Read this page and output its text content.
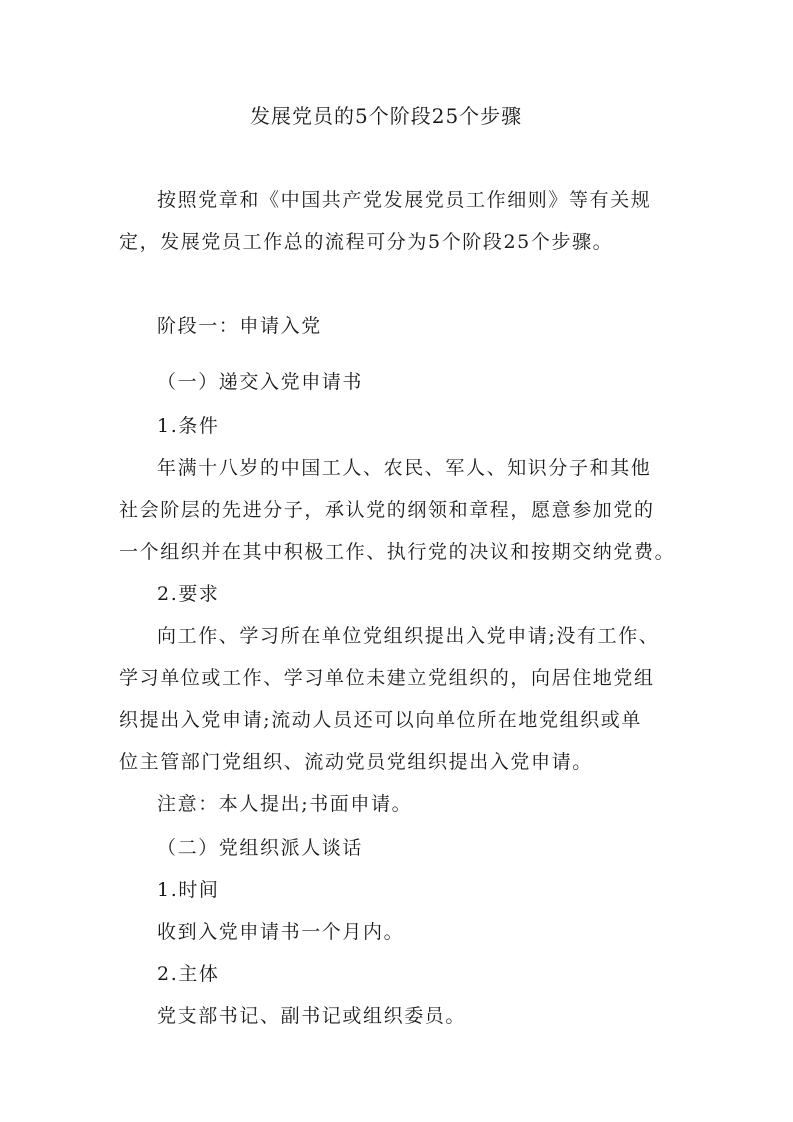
发展党员的5个阶段25个步骤
按照党章和《中国共产党发展党员工作细则》等有关规
定，发展党员工作总的流程可分为5个阶段25个步骤。
阶段一：申请入党
（一）递交入党申请书
1.条件
年满十八岁的中国工人、农民、军人、知识分子和其他
社会阶层的先进分子，承认党的纲领和章程，愿意参加党的
一个组织并在其中积极工作、执行党的决议和按期交纳党费。
2.要求
向工作、学习所在单位党组织提出入党申请;没有工作、
学习单位或工作、学习单位未建立党组织的，向居住地党组
织提出入党申请;流动人员还可以向单位所在地党组织或单
位主管部门党组织、流动党员党组织提出入党申请。
注意：本人提出;书面申请。
（二）党组织派人谈话
1.时间
收到入党申请书一个月内。
2.主体
党支部书记、副书记或组织委员。
